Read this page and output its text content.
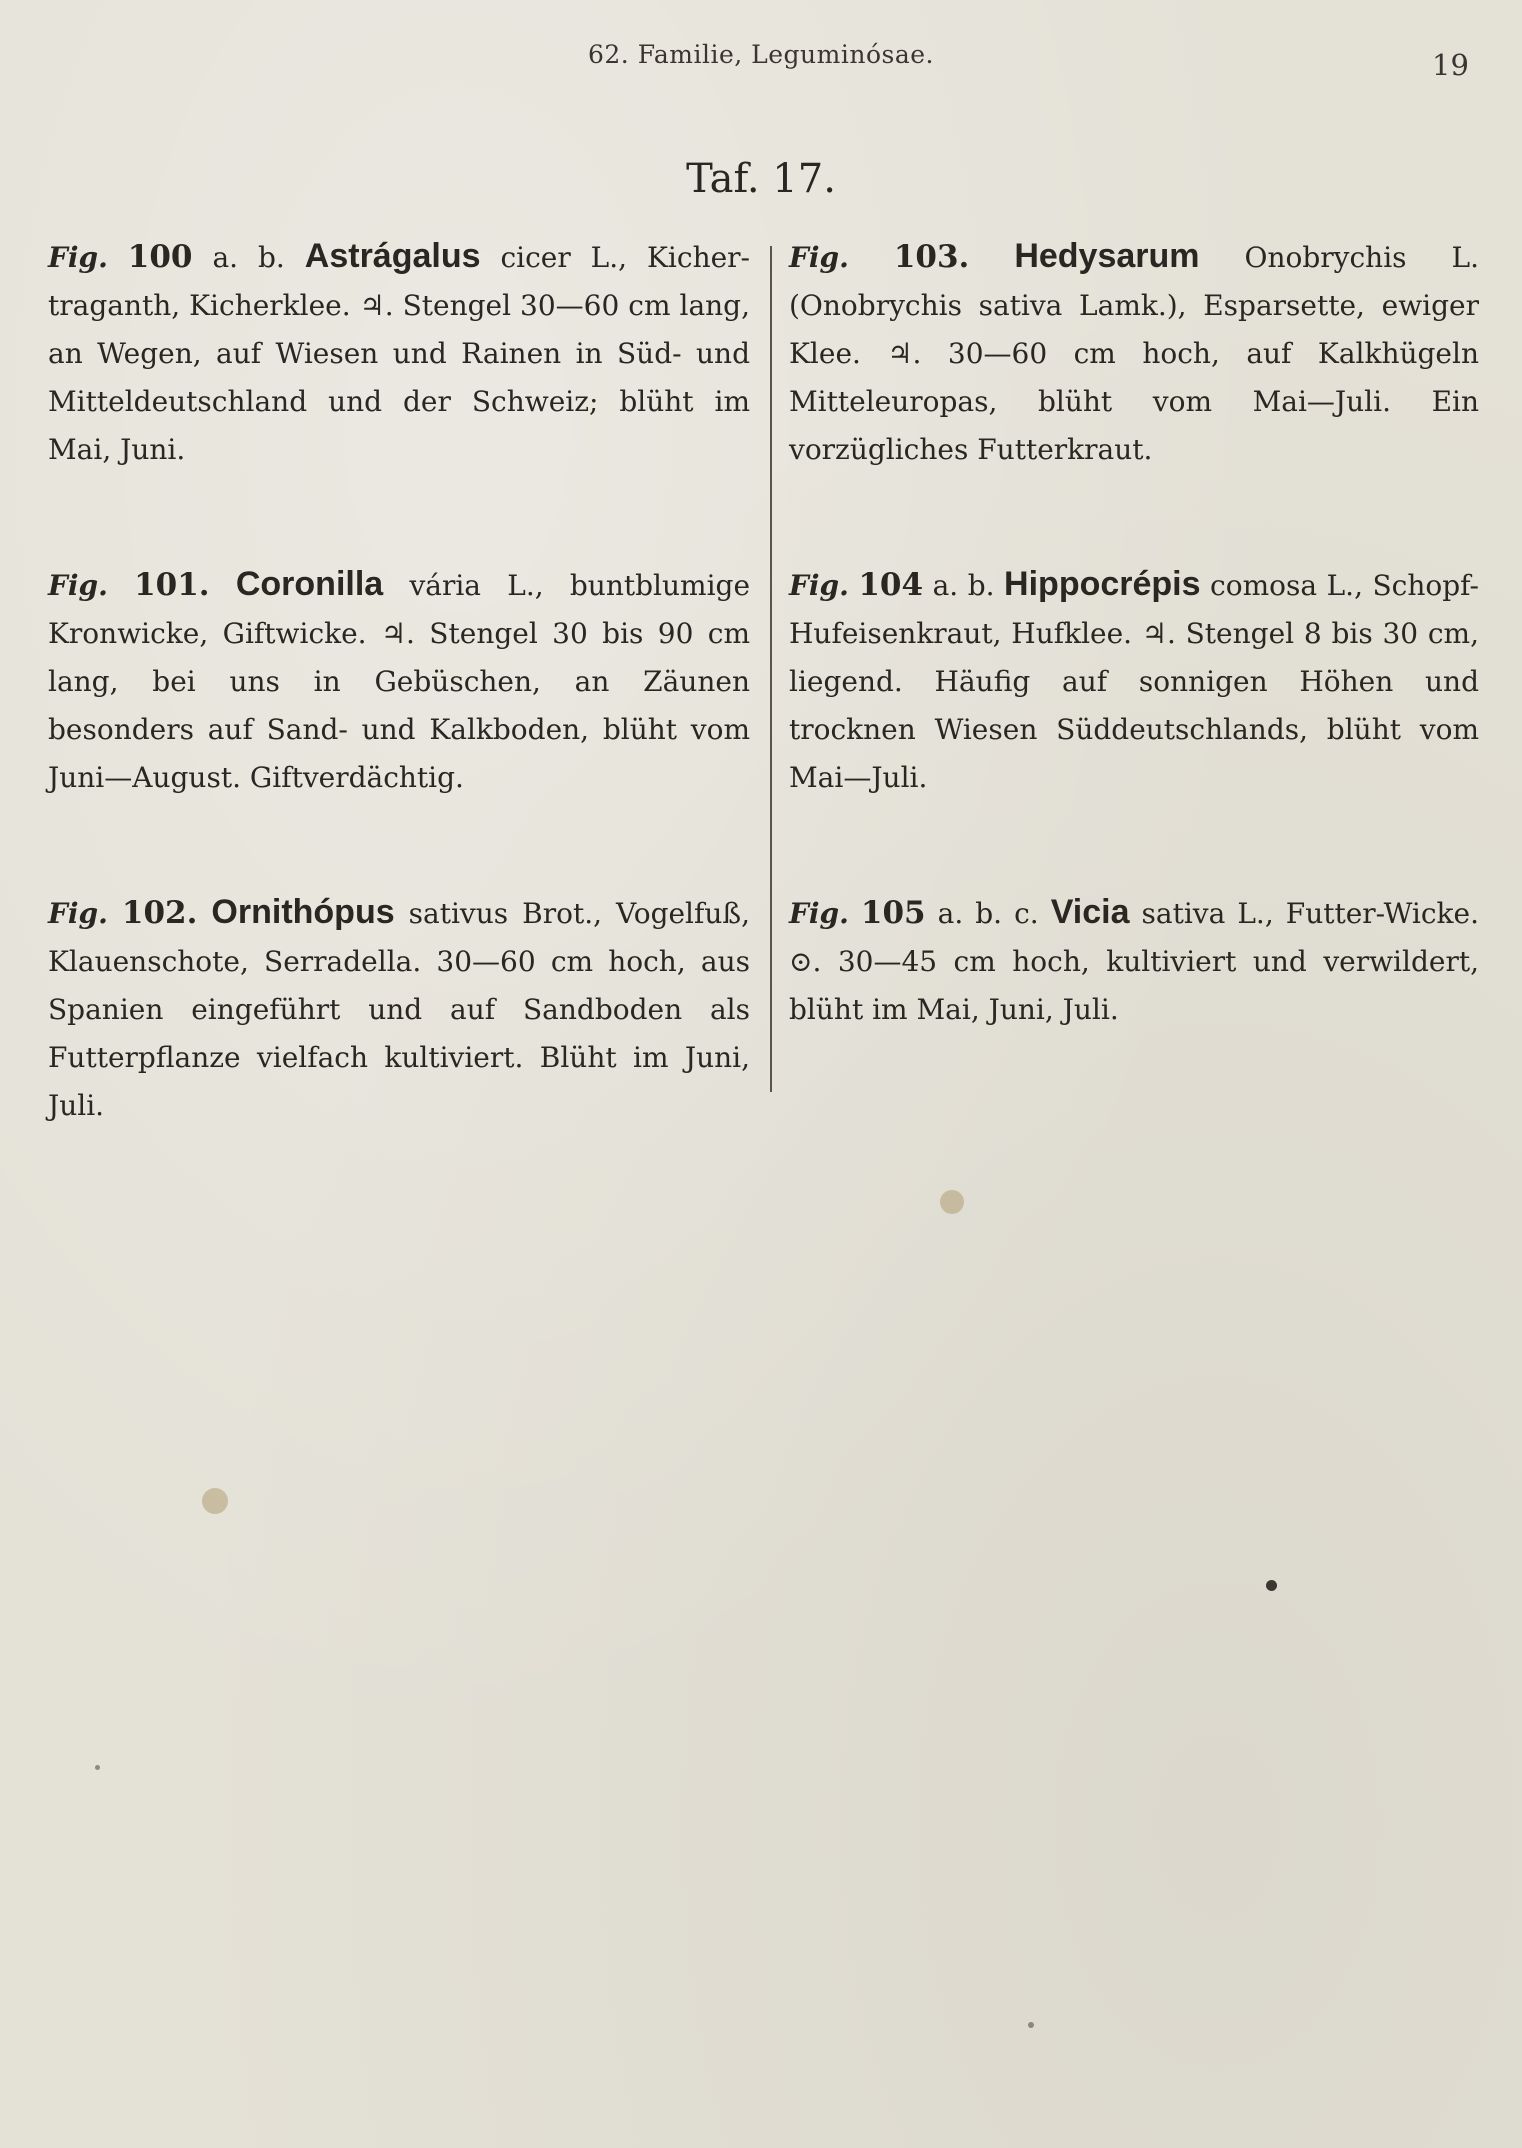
62. Familie, Leguminósae.	19
Taf. 17.

Fig. 100 a. b. Astrágalus cicer L., Kicher-traganth, Kicherklee. ♃. Stengel 30—60 cm lang, an Wegen, auf Wiesen und Rainen in Süd- und Mitteldeutschland und der Schweiz; blüht im Mai, Juni.

Fig. 101. Coronilla vária L., buntblumige Kronwicke, Giftwicke. ♃. Stengel 30 bis 90 cm lang, bei uns in Gebüschen, an Zäunen besonders auf Sand- und Kalkboden, blüht vom Juni—August. Giftverdächtig.

Fig. 102. Ornithópus sativus Brot., Vogelfuß, Klauenschote, Serradella. 30—60 cm hoch, aus Spanien eingeführt und auf Sandboden als Futterpflanze vielfach kultiviert. Blüht im Juni, Juli.

Fig. 103. Hedysarum Onobrychis L. (Onobrychis sativa Lamk.), Esparsette, ewiger Klee. ♃. 30—60 cm hoch, auf Kalkhügeln Mitteleuropas, blüht vom Mai—Juli. Ein vorzügliches Futterkraut.

Fig. 104 a. b. Hippocrépis comosa L., Schopf-Hufeisenkraut, Hufklee. ♃. Stengel 8 bis 30 cm, liegend. Häufig auf sonnigen Höhen und trocknen Wiesen Süddeutschlands, blüht vom Mai—Juli.

Fig. 105 a. b. c. Vicia sativa L., Futter-Wicke. ⊙. 30—45 cm hoch, kultiviert und verwildert, blüht im Mai, Juni, Juli.
